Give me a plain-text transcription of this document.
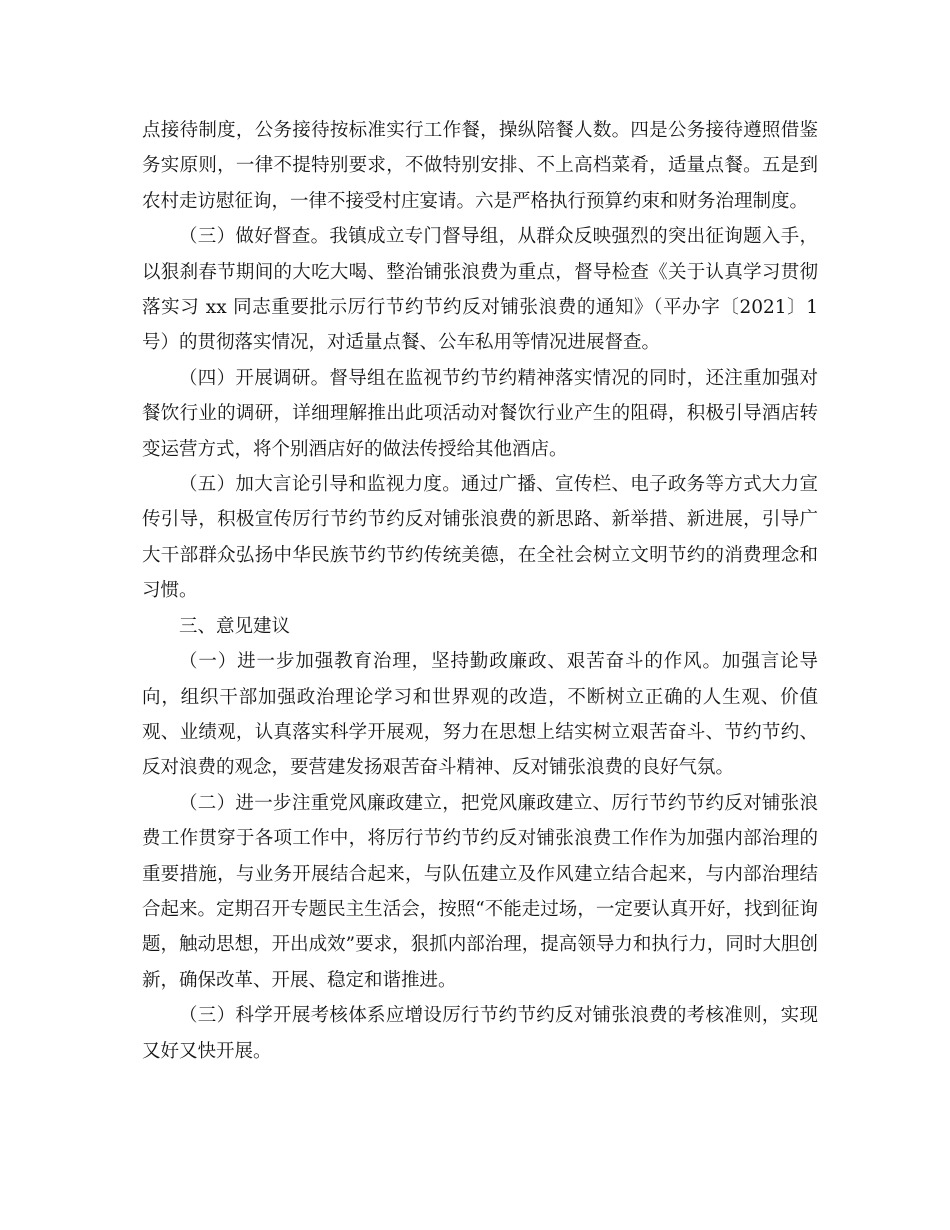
点接待制度，公务接待按标准实行工作餐，操纵陪餐人数。四是公务接待遵照借鉴务实原则，一律不提特别要求，不做特别安排、不上高档菜肴，适量点餐。五是到农村走访慰征询，一律不接受村庄宴请。六是严格执行预算约束和财务治理制度。

（三）做好督查。我镇成立专门督导组，从群众反映强烈的突出征询题入手，以狠刹春节期间的大吃大喝、整治铺张浪费为重点，督导检查《关于认真学习贯彻落实习 xx 同志重要批示厉行节约节约反对铺张浪费的通知》（平办字〔2021〕1号）的贯彻落实情况，对适量点餐、公车私用等情况进展督查。

（四）开展调研。督导组在监视节约节约精神落实情况的同时，还注重加强对餐饮行业的调研，详细理解推出此项活动对餐饮行业产生的阻碍，积极引导酒店转变运营方式，将个别酒店好的做法传授给其他酒店。

（五）加大言论引导和监视力度。通过广播、宣传栏、电子政务等方式大力宣传引导，积极宣传厉行节约节约反对铺张浪费的新思路、新举措、新进展，引导广大干部群众弘扬中华民族节约节约传统美德，在全社会树立文明节约的消费理念和习惯。

三、意见建议

（一）进一步加强教育治理，坚持勤政廉政、艰苦奋斗的作风。加强言论导向，组织干部加强政治理论学习和世界观的改造，不断树立正确的人生观、价值观、业绩观，认真落实科学开展观，努力在思想上结实树立艰苦奋斗、节约节约、反对浪费的观念，要营建发扬艰苦奋斗精神、反对铺张浪费的良好气氛。

（二）进一步注重党风廉政建立，把党风廉政建立、厉行节约节约反对铺张浪费工作贯穿于各项工作中，将厉行节约节约反对铺张浪费工作作为加强内部治理的重要措施，与业务开展结合起来，与队伍建立及作风建立结合起来，与内部治理结合起来。定期召开专题民主生活会，按照“不能走过场，一定要认真开好，找到征询题，触动思想，开出成效”要求，狠抓内部治理，提高领导力和执行力，同时大胆创新，确保改革、开展、稳定和谐推进。

（三）科学开展考核体系应增设厉行节约节约反对铺张浪费的考核准则，实现又好又快开展。
